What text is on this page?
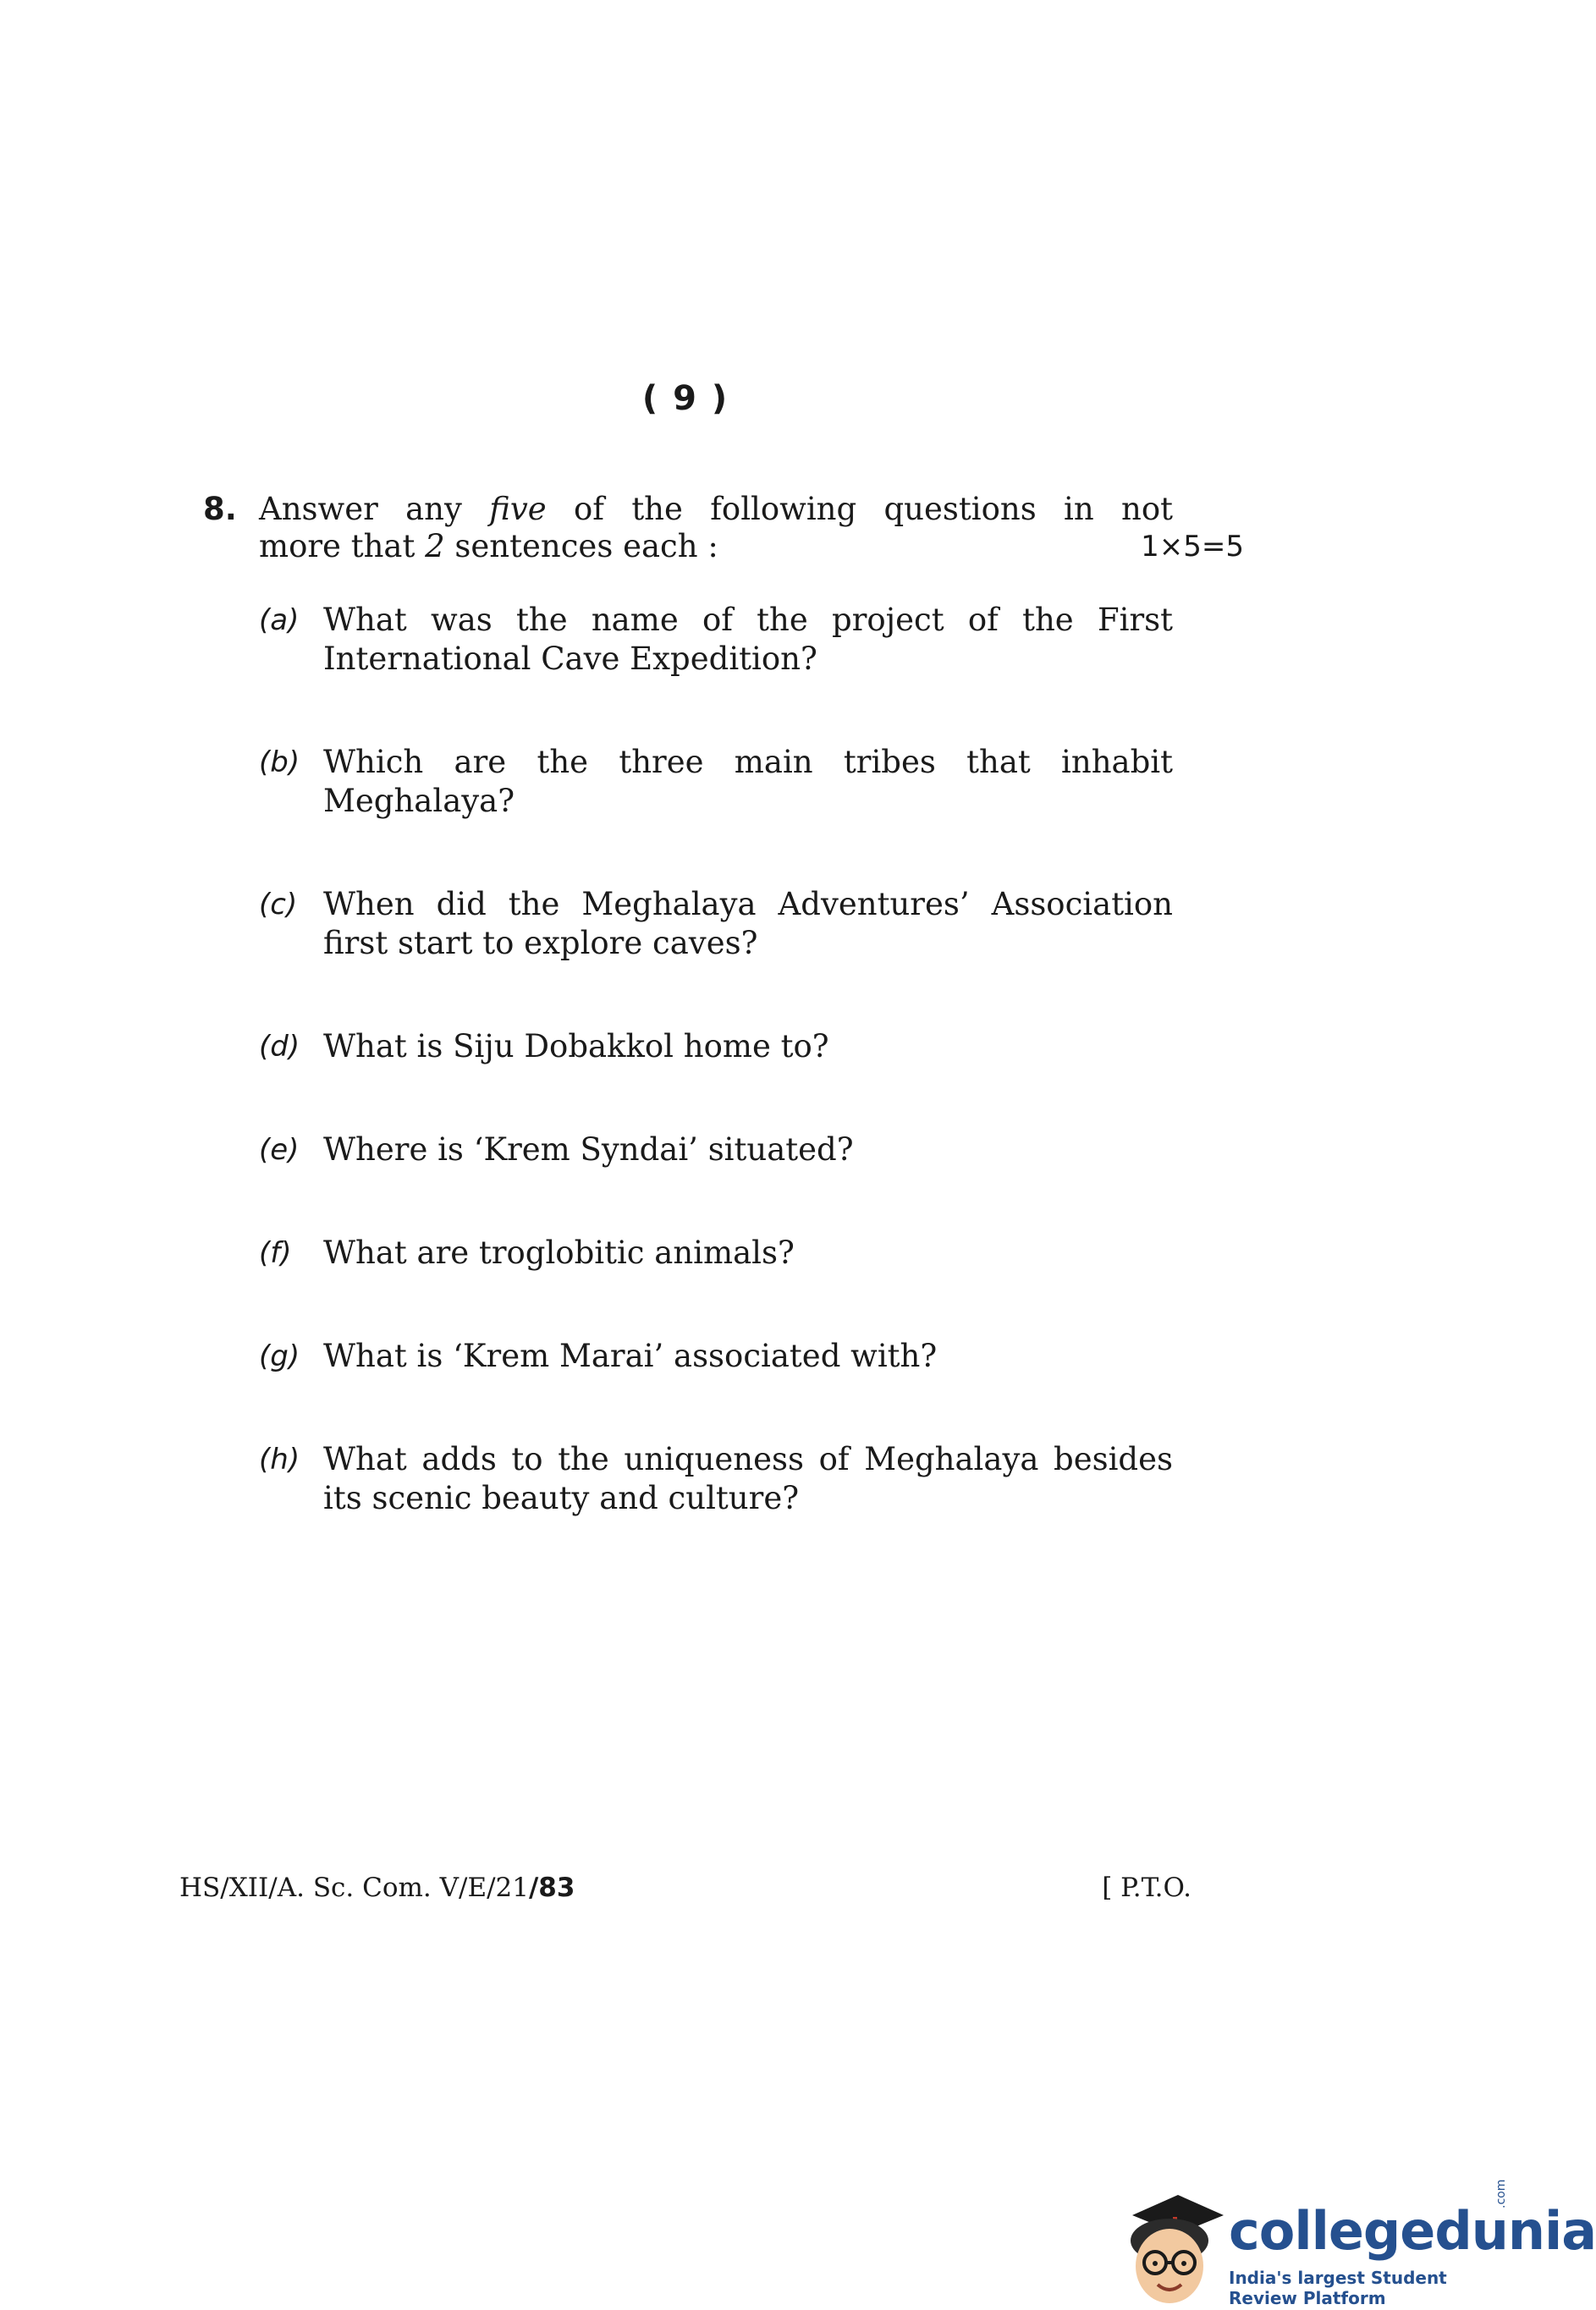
( 9 )
8. Answer any five of the following questions in not
more that 2 sentences each :	1×5=5
(a) What was the name of the project of the First
International Cave Expedition?
(b) Which are the three main tribes that inhabit
Meghalaya?
(c) When did the Meghalaya Adventures’ Association
first start to explore caves?
(d) What is Siju Dobakkol home to?
(e) Where is ‘Krem Syndai’ situated?
(f)	What are troglobitic animals?
(g) What is ‘Krem Marai’ associated with?
(h) What adds to the uniqueness of Meghalaya besides
its scenic beauty and culture?
HS/XII/A. Sc. Com. V/E/21/83	[ P.T.O.
collegedunia
.com
India's largest Student Review Platform
